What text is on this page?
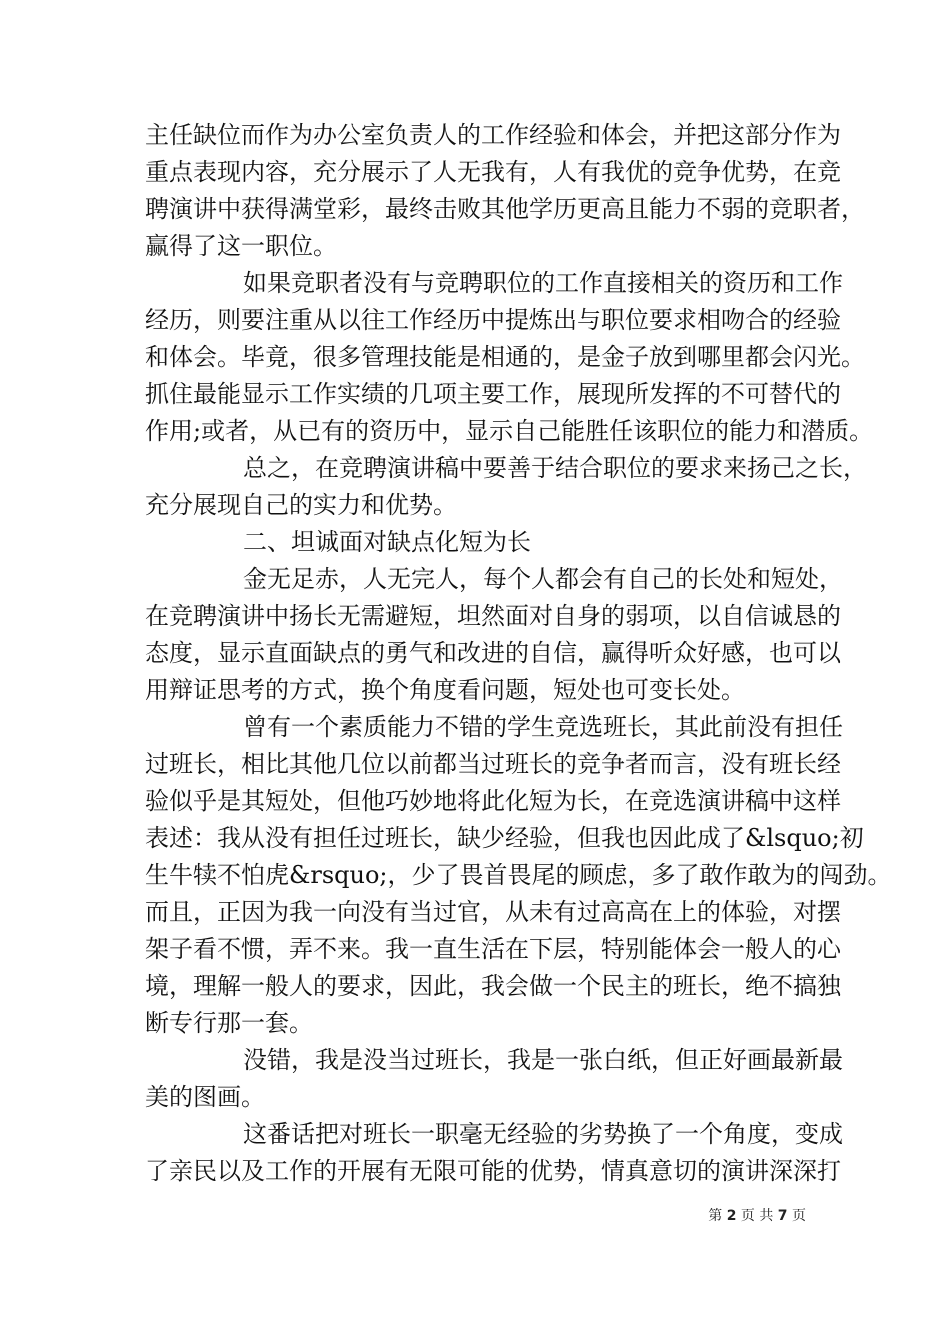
主任缺位而作为办公室负责人的工作经验和体会，并把这部分作为

重点表现内容，充分展示了人无我有，人有我优的竞争优势，在竞

聘演讲中获得满堂彩，最终击败其他学历更高且能力不弱的竞职者，

赢得了这一职位。

如果竞职者没有与竞聘职位的工作直接相关的资历和工作

经历，则要注重从以往工作经历中提炼出与职位要求相吻合的经验

和体会。毕竟，很多管理技能是相通的，是金子放到哪里都会闪光。

抓住最能显示工作实绩的几项主要工作，展现所发挥的不可替代的

作用;或者，从已有的资历中，显示自己能胜任该职位的能力和潜质。

总之，在竞聘演讲稿中要善于结合职位的要求来扬己之长，

充分展现自己的实力和优势。

二、坦诚面对缺点化短为长

金无足赤，人无完人，每个人都会有自己的长处和短处，

在竞聘演讲中扬长无需避短，坦然面对自身的弱项，以自信诚恳的

态度，显示直面缺点的勇气和改进的自信，赢得听众好感，也可以

用辩证思考的方式，换个角度看问题，短处也可变长处。

曾有一个素质能力不错的学生竞选班长，其此前没有担任

过班长，相比其他几位以前都当过班长的竞争者而言，没有班长经

验似乎是其短处，但他巧妙地将此化短为长，在竞选演讲稿中这样

表述：我从没有担任过班长，缺少经验，但我也因此成了&lsquo;初

生牛犊不怕虎&rsquo;，少了畏首畏尾的顾虑，多了敢作敢为的闯劲。

而且，正因为我一向没有当过官，从未有过高高在上的体验，对摆

架子看不惯，弄不来。我一直生活在下层，特别能体会一般人的心

境，理解一般人的要求，因此，我会做一个民主的班长，绝不搞独

断专行那一套。

没错，我是没当过班长，我是一张白纸，但正好画最新最

美的图画。

这番话把对班长一职毫无经验的劣势换了一个角度，变成

了亲民以及工作的开展有无限可能的优势，情真意切的演讲深深打

第 2 页 共 7 页
